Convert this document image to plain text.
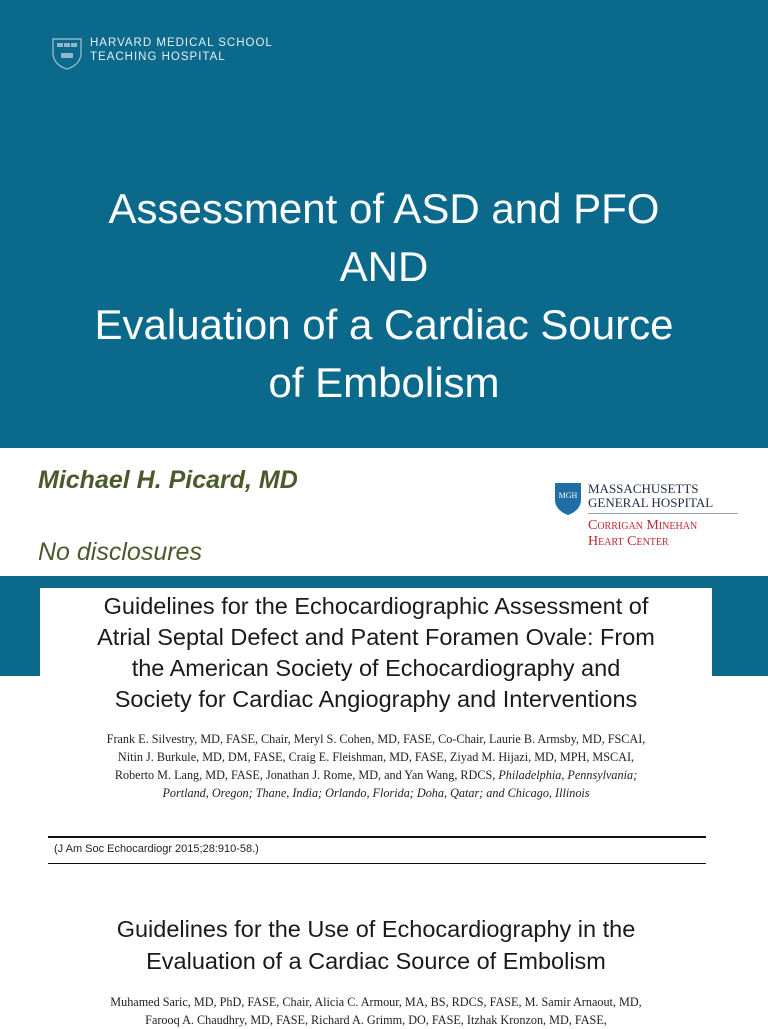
HARVARD MEDICAL SCHOOL
TEACHING HOSPITAL
Assessment of ASD and PFO
AND
Evaluation of a Cardiac Source
of Embolism
Michael H. Picard, MD
No disclosures
MGH MASSACHUSETTS
GENERAL HOSPITAL
Corrigan Minehan
Heart Center
Guidelines for the Echocardiographic Assessment of
Atrial Septal Defect and Patent Foramen Ovale: From
the American Society of Echocardiography and
Society for Cardiac Angiography and Interventions
Frank E. Silvestry, MD, FASE, Chair, Meryl S. Cohen, MD, FASE, Co-Chair, Laurie B. Armsby, MD, FSCAI,
Nitin J. Burkule, MD, DM, FASE, Craig E. Fleishman, MD, FASE, Ziyad M. Hijazi, MD, MPH, MSCAI,
Roberto M. Lang, MD, FASE, Jonathan J. Rome, MD, and Yan Wang, RDCS, Philadelphia, Pennsylvania;
Portland, Oregon; Thane, India; Orlando, Florida; Doha, Qatar; and Chicago, Illinois
(J Am Soc Echocardiogr 2015;28:910-58.)
Guidelines for the Use of Echocardiography in the
Evaluation of a Cardiac Source of Embolism
Muhamed Saric, MD, PhD, FASE, Chair, Alicia C. Armour, MA, BS, RDCS, FASE, M. Samir Arnaout, MD,
Farooq A. Chaudhry, MD, FASE, Richard A. Grimm, DO, FASE, Itzhak Kronzon, MD, FASE,
